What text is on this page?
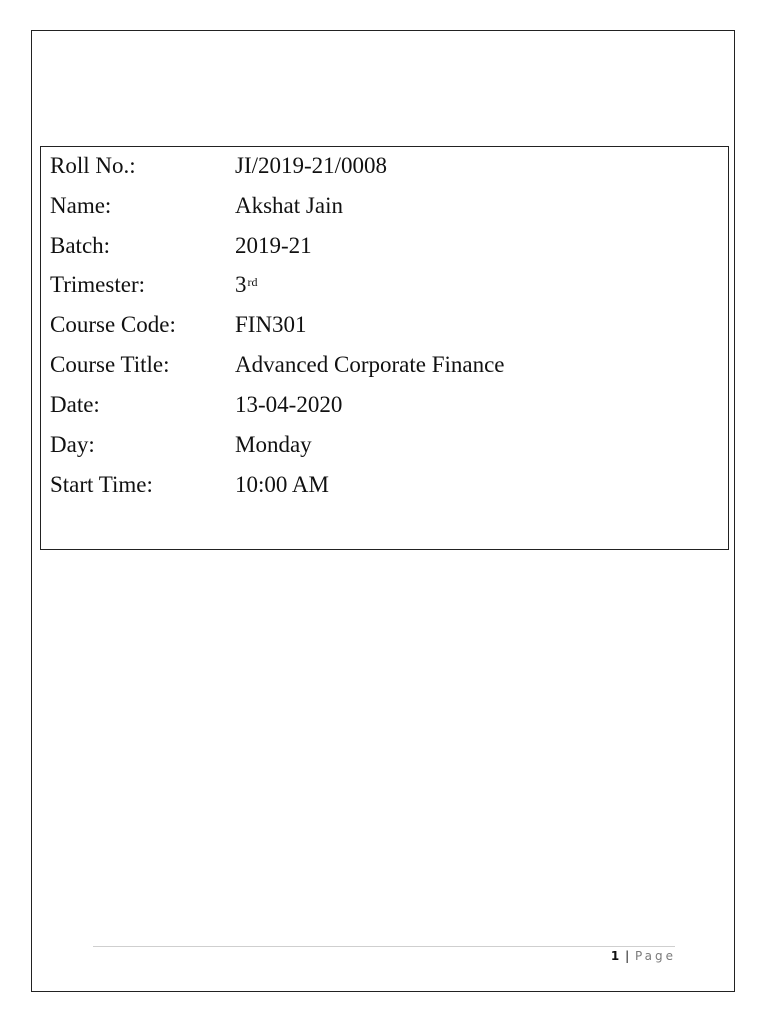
Roll No.:	JI/2019-21/0008
Name:	Akshat Jain
Batch:	2019-21
Trimester:	3rd
Course Code:	FIN301
Course Title:	Advanced Corporate Finance
Date:	13-04-2020
Day:	Monday
Start Time:	10:00 AM
1 | Page
